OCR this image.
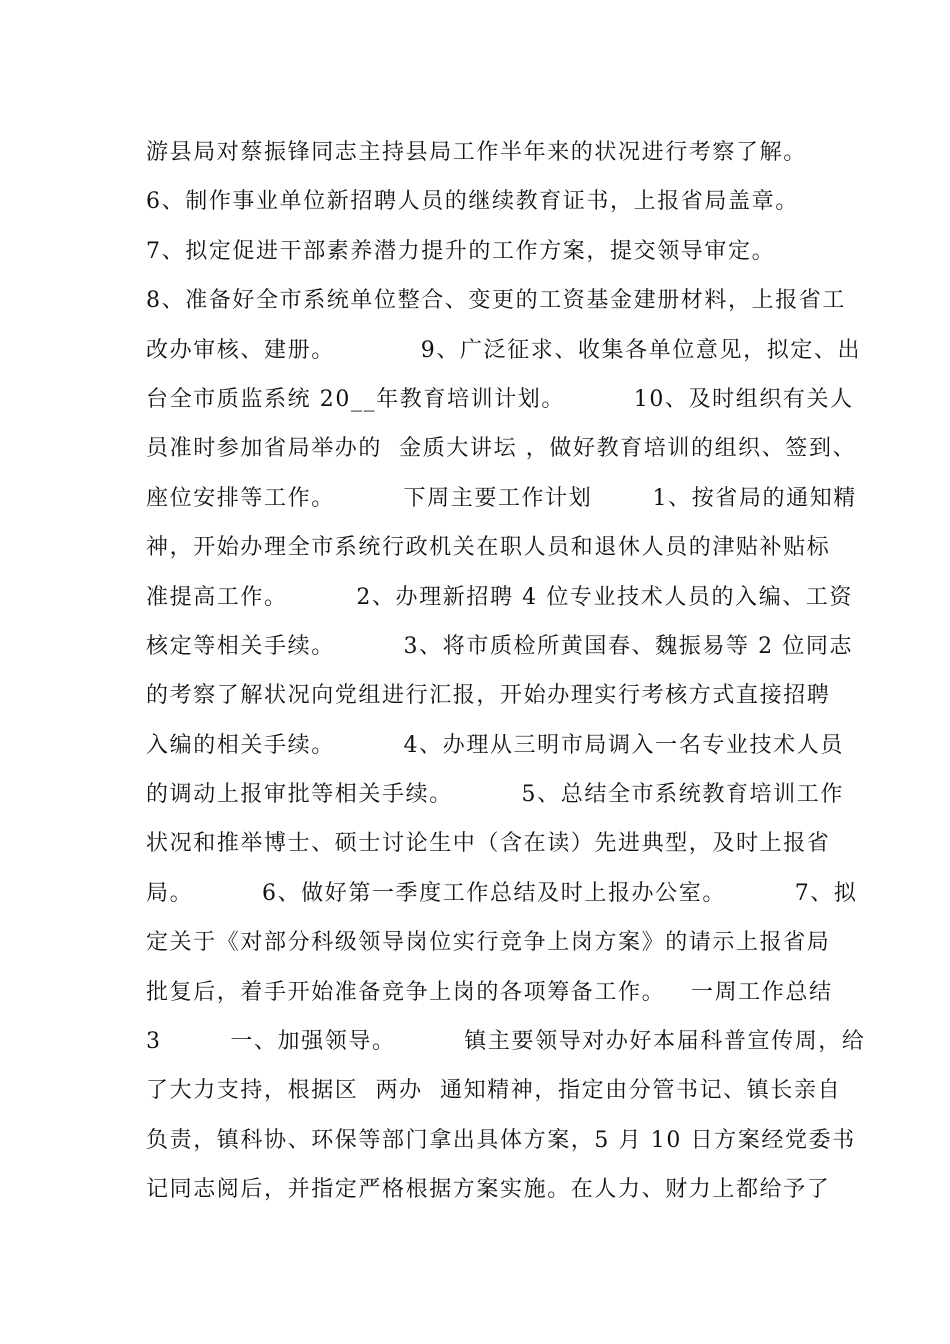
游县局对蔡振锋同志主持县局工作半年来的状况进行考察了解。
6、制作事业单位新招聘人员的继续教育证书，上报省局盖章。
7、拟定促进干部素养潜力提升的工作方案，提交领导审定。
8、准备好全市系统单位整合、变更的工资基金建册材料，上报省工
改办审核、建册。          9、广泛征求、收集各单位意见，拟定、出
台全市质监系统 20__年教育培训计划。        10、及时组织有关人
员准时参加省局举办的  金质大讲坛 ，做好教育培训的组织、签到、
座位安排等工作。        下周主要工作计划       1、按省局的通知精
神，开始办理全市系统行政机关在职人员和退休人员的津贴补贴标
准提高工作。        2、办理新招聘 4 位专业技术人员的入编、工资
核定等相关手续。        3、将市质检所黄国春、魏振易等 2 位同志
的考察了解状况向党组进行汇报，开始办理实行考核方式直接招聘
入编的相关手续。        4、办理从三明市局调入一名专业技术人员
的调动上报审批等相关手续。        5、总结全市系统教育培训工作
状况和推举博士、硕士讨论生中（含在读）先进典型，及时上报省
局。        6、做好第一季度工作总结及时上报办公室。        7、拟
定关于《对部分科级领导岗位实行竞争上岗方案》的请示上报省局
批复后，着手开始准备竞争上岗的各项筹备工作。   一周工作总结
3        一、加强领导。        镇主要领导对办好本届科普宣传周，给
了大力支持，根据区  两办  通知精神，指定由分管书记、镇长亲自
负责，镇科协、环保等部门拿出具体方案，5 月 10 日方案经党委书
记同志阅后，并指定严格根据方案实施。在人力、财力上都给予了
